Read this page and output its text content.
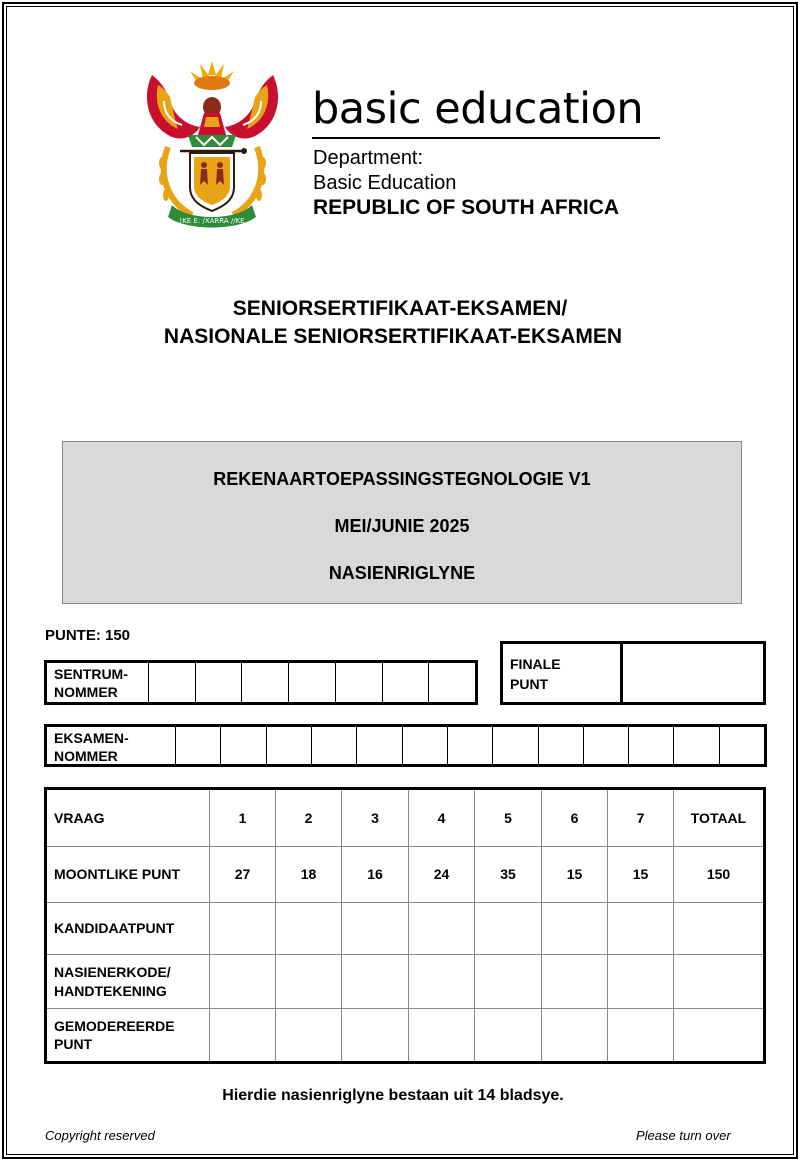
!KE E: /XARRA //KE
basic education
Department:
Basic Education
REPUBLIC OF SOUTH AFRICA
SENIORSERTIFIKAAT-EKSAMEN/
NASIONALE SENIORSERTIFIKAAT-EKSAMEN
REKENAARTOEPASSINGSTEGNOLOGIE V1
MEI/JUNIE 2025
NASIENRIGLYNE
PUNTE: 150
SENTRUM-
NOMMER
FINALE
PUNT
EKSAMEN-
NOMMER
VRAAG	1	2	3	4	5	6	7	TOTAAL
MOONTLIKE PUNT	27	18	16	24	35	15	15	150

KANDIDAATPUNT								

NASIENERKODE/
HANDTEKENING								

GEMODEREERDE
PUNT								

Hierdie nasienriglyne bestaan uit 14 bladsye.
Copyright reserved	Please turn over
